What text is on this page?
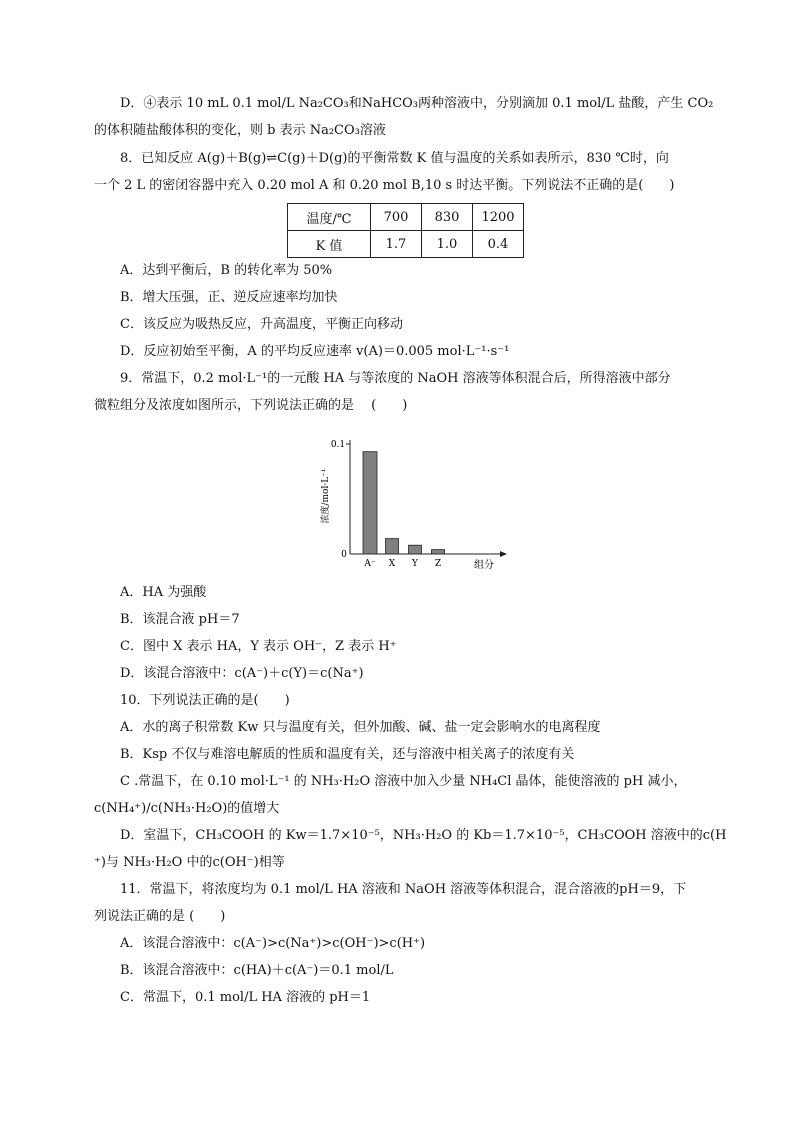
D．④表示 10 mL 0.1 mol/L Na₂CO₃和NaHCO₃两种溶液中，分别滴加 0.1 mol/L 盐酸，产生 CO₂
的体积随盐酸体积的变化，则 b 表示 Na₂CO₃溶液
8．已知反应 A(g)＋B(g)⇌C(g)＋D(g)的平衡常数 K 值与温度的关系如表所示，830 ℃时，向
一个 2 L 的密闭容器中充入 0.20 mol A 和 0.20 mol B,10 s 时达平衡。下列说法不正确的是(　　)
温度/℃	700	830	1200
K 值	1.7	1.0	0.4
A．达到平衡后，B 的转化率为 50%
B．增大压强，正、逆反应速率均加快
C．该反应为吸热反应，升高温度，平衡正向移动
D．反应初始至平衡，A 的平均反应速率 v(A)＝0.005 mol·L⁻¹·s⁻¹
9．常温下，0.2 mol·L⁻¹的一元酸 HA 与等浓度的 NaOH 溶液等体积混合后，所得溶液中部分
微粒组分及浓度如图所示，下列说法正确的是　 (　　)
0.1
0
浓度/mol·L⁻¹
组分
A⁻ X Y Z
A．HA 为强酸
B．该混合液 pH＝7
C．图中 X 表示 HA，Y 表示 OH⁻，Z 表示 H⁺
D．该混合溶液中：c(A⁻)＋c(Y)＝c(Na⁺)
10．下列说法正确的是(　　)
A．水的离子积常数 Kw 只与温度有关，但外加酸、碱、盐一定会影响水的电离程度
B．Ksp 不仅与难溶电解质的性质和温度有关，还与溶液中相关离子的浓度有关
C .常温下，在 0.10 mol·L⁻¹ 的 NH₃·H₂O 溶液中加入少量 NH₄Cl 晶体，能使溶液的 pH 减小，
c(NH₄⁺)/c(NH₃·H₂O)的值增大
D．室温下，CH₃COOH 的 Kw＝1.7×10⁻⁵，NH₃·H₂O 的 Kb＝1.7×10⁻⁵，CH₃COOH 溶液中的c(H
⁺)与 NH₃·H₂O 中的c(OH⁻)相等
11．常温下，将浓度均为 0.1 mol/L HA 溶液和 NaOH 溶液等体积混合，混合溶液的pH＝9，下
列说法正确的是 (　　)
A．该混合溶液中：c(A⁻)>c(Na⁺)>c(OH⁻)>c(H⁺)
B．该混合溶液中：c(HA)＋c(A⁻)＝0.1 mol/L
C．常温下，0.1 mol/L HA 溶液的 pH＝1
